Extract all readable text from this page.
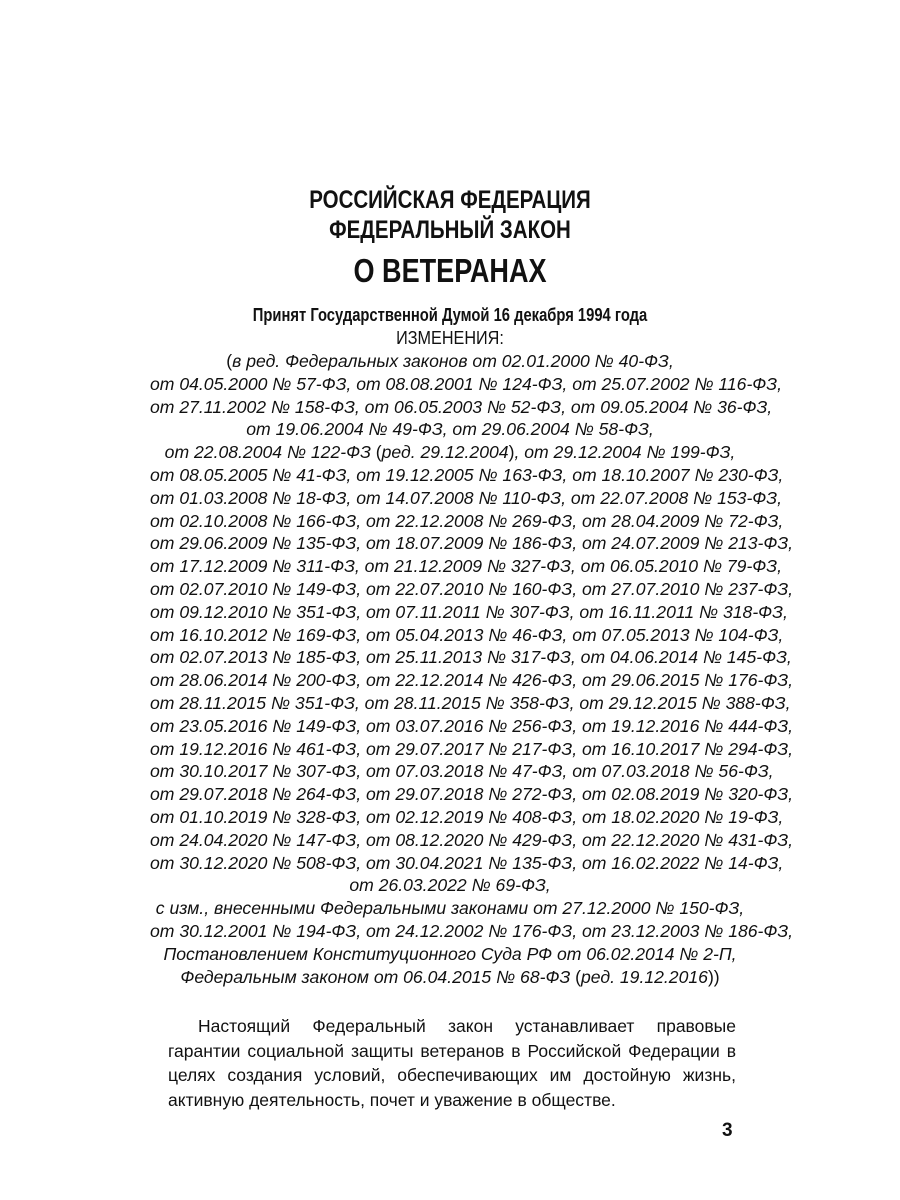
РОССИЙСКАЯ ФЕДЕРАЦИЯ
ФЕДЕРАЛЬНЫЙ ЗАКОН
О ВЕТЕРАНАХ
Принят Государственной Думой 16 декабря 1994 года
ИЗМЕНЕНИЯ:
(в ред. Федеральных законов от 02.01.2000 № 40-ФЗ,
от 04.05.2000 № 57-ФЗ, от 08.08.2001 № 124-ФЗ, от 25.07.2002 № 116-ФЗ,
от 27.11.2002 № 158-ФЗ, от 06.05.2003 № 52-ФЗ, от 09.05.2004 № 36-ФЗ,
от 19.06.2004 № 49-ФЗ, от 29.06.2004 № 58-ФЗ,
от 22.08.2004 № 122-ФЗ (ред. 29.12.2004), от 29.12.2004 № 199-ФЗ,
от 08.05.2005 № 41-ФЗ, от 19.12.2005 № 163-ФЗ, от 18.10.2007 № 230-ФЗ,
от 01.03.2008 № 18-ФЗ, от 14.07.2008 № 110-ФЗ, от 22.07.2008 № 153-ФЗ,
от 02.10.2008 № 166-ФЗ, от 22.12.2008 № 269-ФЗ, от 28.04.2009 № 72-ФЗ,
от 29.06.2009 № 135-ФЗ, от 18.07.2009 № 186-ФЗ, от 24.07.2009 № 213-ФЗ,
от 17.12.2009 № 311-ФЗ, от 21.12.2009 № 327-ФЗ, от 06.05.2010 № 79-ФЗ,
от 02.07.2010 № 149-ФЗ, от 22.07.2010 № 160-ФЗ, от 27.07.2010 № 237-ФЗ,
от 09.12.2010 № 351-ФЗ, от 07.11.2011 № 307-ФЗ, от 16.11.2011 № 318-ФЗ,
от 16.10.2012 № 169-ФЗ, от 05.04.2013 № 46-ФЗ, от 07.05.2013 № 104-ФЗ,
от 02.07.2013 № 185-ФЗ, от 25.11.2013 № 317-ФЗ, от 04.06.2014 № 145-ФЗ,
от 28.06.2014 № 200-ФЗ, от 22.12.2014 № 426-ФЗ, от 29.06.2015 № 176-ФЗ,
от 28.11.2015 № 351-ФЗ, от 28.11.2015 № 358-ФЗ, от 29.12.2015 № 388-ФЗ,
от 23.05.2016 № 149-ФЗ, от 03.07.2016 № 256-ФЗ, от 19.12.2016 № 444-ФЗ,
от 19.12.2016 № 461-ФЗ, от 29.07.2017 № 217-ФЗ, от 16.10.2017 № 294-ФЗ,
от 30.10.2017 № 307-ФЗ, от 07.03.2018 № 47-ФЗ, от 07.03.2018 № 56-ФЗ,
от 29.07.2018 № 264-ФЗ, от 29.07.2018 № 272-ФЗ, от 02.08.2019 № 320-ФЗ,
от 01.10.2019 № 328-ФЗ, от 02.12.2019 № 408-ФЗ, от 18.02.2020 № 19-ФЗ,
от 24.04.2020 № 147-ФЗ, от 08.12.2020 № 429-ФЗ, от 22.12.2020 № 431-ФЗ,
от 30.12.2020 № 508-ФЗ, от 30.04.2021 № 135-ФЗ, от 16.02.2022 № 14-ФЗ,
от 26.03.2022 № 69-ФЗ,
с изм., внесенными Федеральными законами от 27.12.2000 № 150-ФЗ,
от 30.12.2001 № 194-ФЗ, от 24.12.2002 № 176-ФЗ, от 23.12.2003 № 186-ФЗ,
Постановлением Конституционного Суда РФ от 06.02.2014 № 2-П,
Федеральным законом от 06.04.2015 № 68-ФЗ (ред. 19.12.2016))

Настоящий Федеральный закон устанавливает правовые гарантии социальной защиты ветеранов в Российской Федерации в целях создания условий, обеспечивающих им достойную жизнь, активную деятельность, почет и уважение в обществе.

3
